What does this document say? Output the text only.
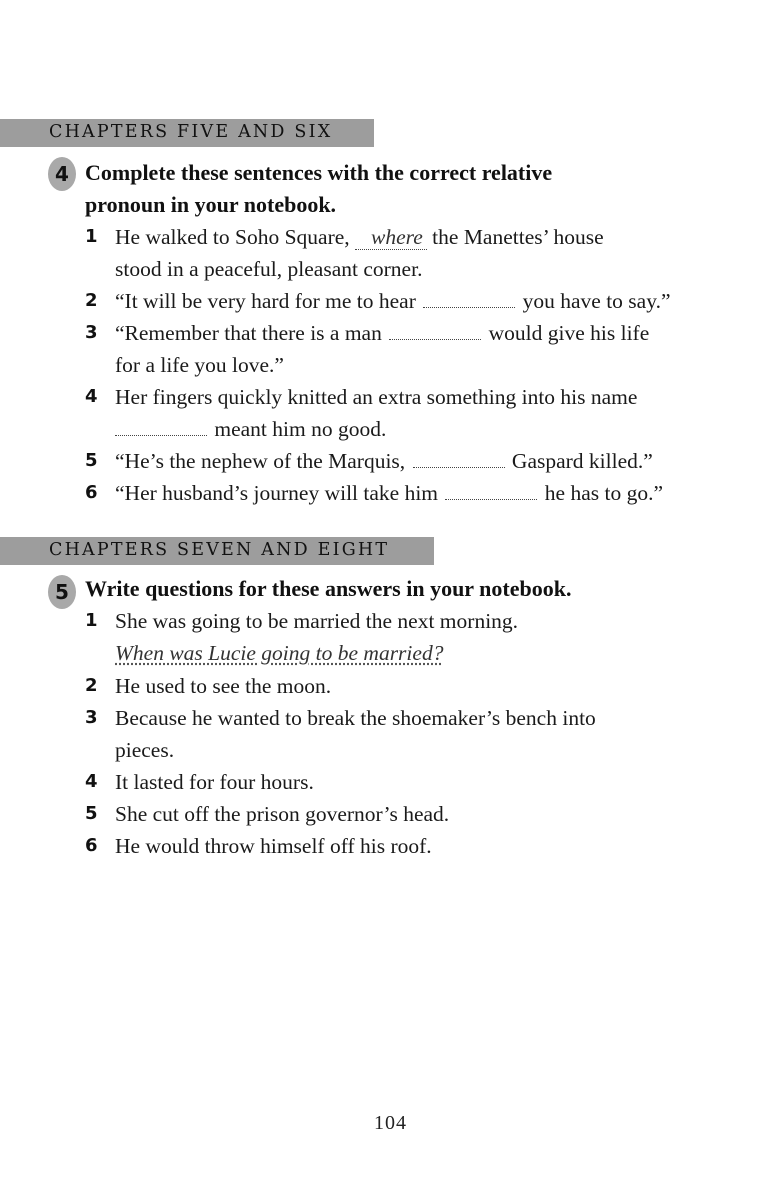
CHAPTERS FIVE AND SIX
4 Complete these sentences with the correct relative
pronoun in your notebook.
1 He walked to Soho Square, where the Manettes’ house
stood in a peaceful, pleasant corner.
2 “It will be very hard for me to hear	you have to say.”
3 “Remember that there is a man	would give his life
for a life you love.”
4 Her fingers quickly knitted an extra something into his name
meant him no good.
5 “He’s the nephew of the Marquis,	Gaspard killed.”
6 “Her husband’s journey will take him	he has to go.”
CHAPTERS SEVEN AND EIGHT
5 Write questions for these answers in your notebook.
1 She was going to be married the next morning.
When was Lucie going to be married?
2 He used to see the moon.
3 Because he wanted to break the shoemaker’s bench into
pieces.
4 It lasted for four hours.
5 She cut off the prison governor’s head.
6 He would throw himself off his roof.
104
